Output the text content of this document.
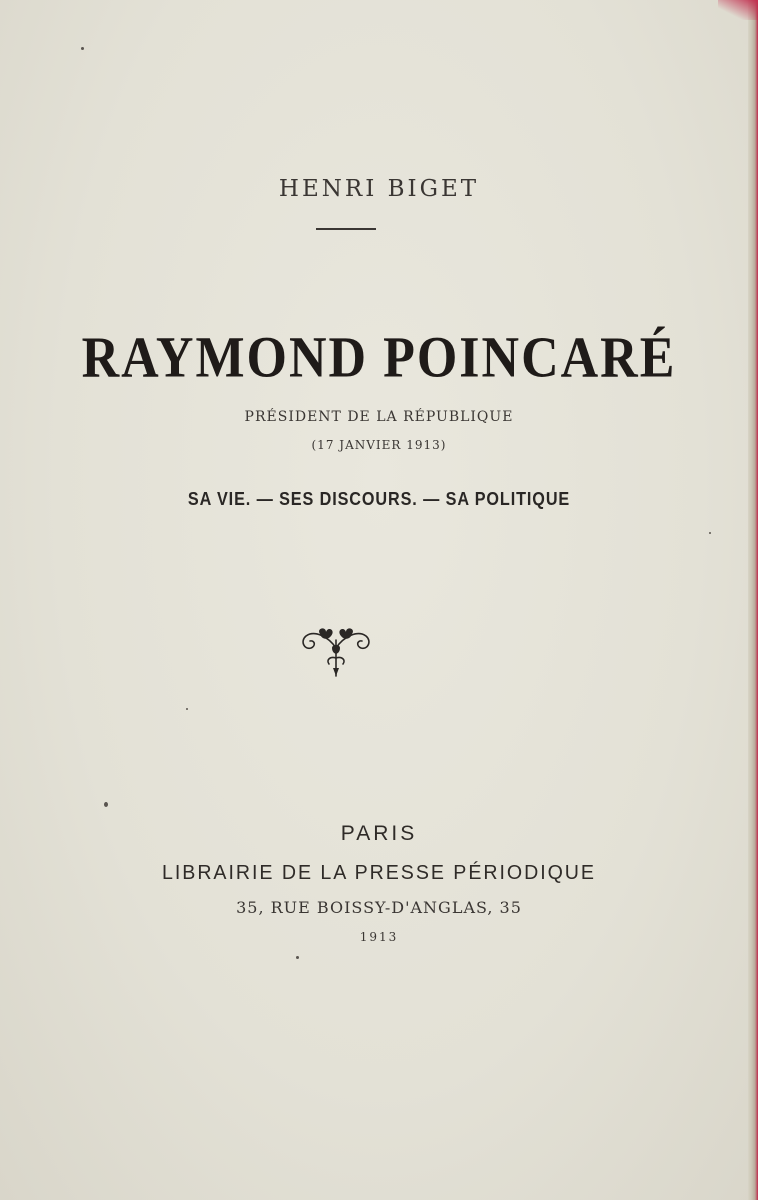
HENRI BIGET
RAYMOND POINCARÉ
PRÉSIDENT DE LA RÉPUBLIQUE
(17 JANVIER 1913)
SA VIE. — SES DISCOURS. — SA POLITIQUE
PARIS
LIBRAIRIE DE LA PRESSE PÉRIODIQUE
35, RUE BOISSY-D'ANGLAS, 35
1913
